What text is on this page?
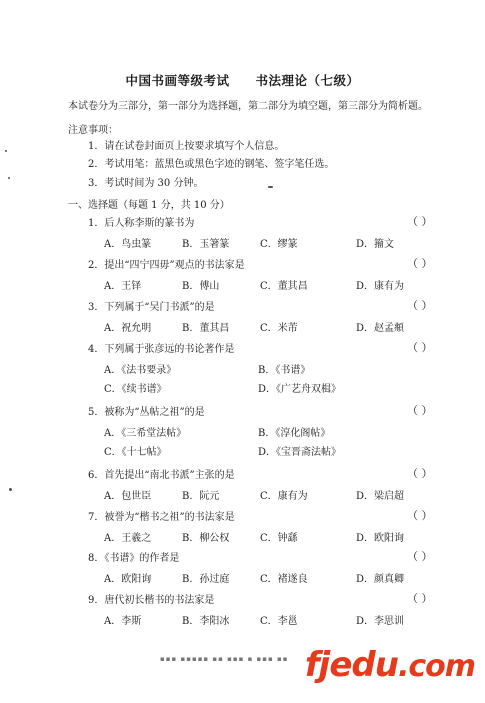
中国书画等级考试 书法理论（七级）
本试卷分为三部分，第一部分为选择题，第二部分为填空题，第三部分为简析题。
注意事项：
1．请在试卷封面页上按要求填写个人信息。
2．考试用笔：蓝黑色或黑色字迹的钢笔、签字笔任选。
3．考试时间为 30 分钟。
一、选择题（每题 1 分，共 10 分）
1．后人称李斯的篆书为	（ ）
A．鸟虫篆	B．玉箸篆	C．缪篆	D．籀文
2．提出“四宁四毋”观点的书法家是	（ ）
A．王铎	B．傅山	C．董其昌	D．康有为
3．下列属于“吴门书派”的是	（ ）
A．祝允明	B．董其昌	C．米芾	D．赵孟頫
4．下列属于张彦远的书论著作是	（ ）
A．《法书要录》	B．《书谱》
C．《续书谱》	D．《广艺舟双楫》
5．被称为“丛帖之祖”的是	（ ）
A．《三希堂法帖》	B．《淳化阁帖》
C．《十七帖》	D．《宝晋斋法帖》
6．首先提出“南北书派”主张的是	（ ）
A．包世臣	B．阮元	C．康有为	D．梁启超
7．被誉为“楷书之祖”的书法家是	（ ）
A．王羲之	B．柳公权	C．钟繇	D．欧阳询
8．《书谱》的作者是	（ ）
A．欧阳询	B．孙过庭	C．褚遂良	D．颜真卿
9．唐代初长楷书的书法家是	（ ）
A．李斯	B．李阳冰	C．李邕	D．李思训
▪▪▪ ▪▪▪▪▪ ▪▪ ▪▪▪ ▪ ▪▪▪ ▪▪ fjedu.com
